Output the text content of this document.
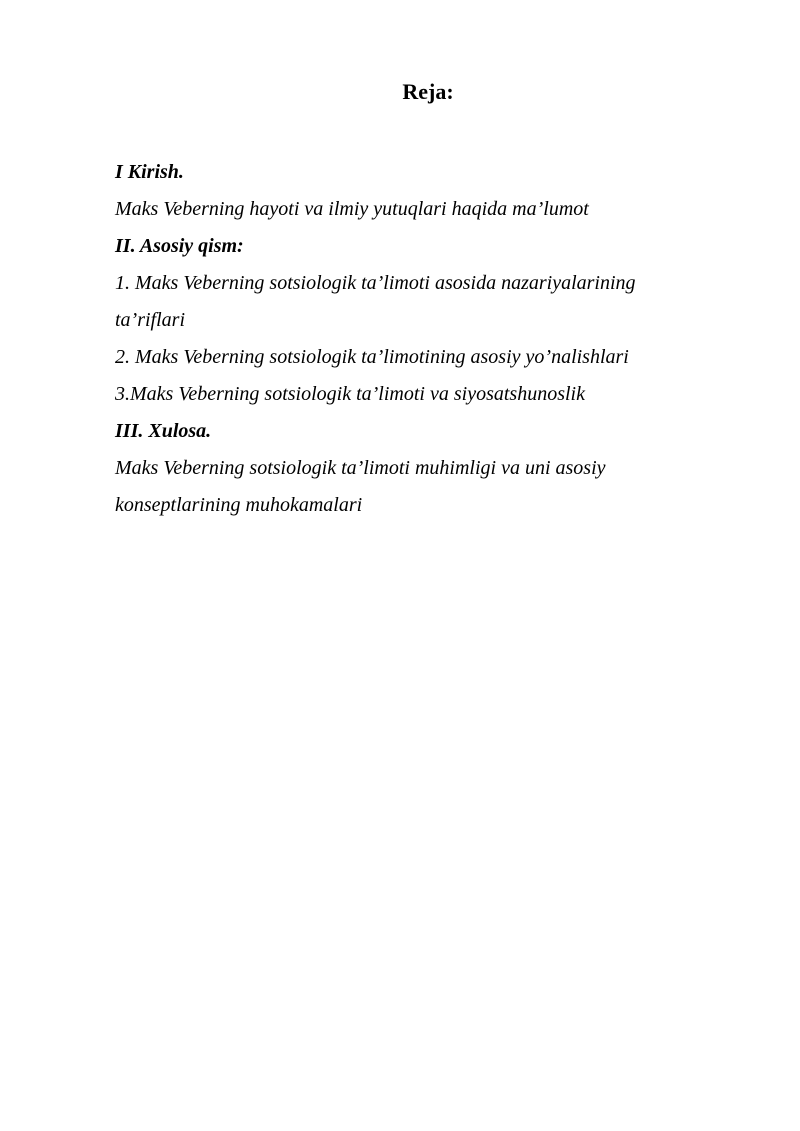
Reja:
I Kirish.
Maks Veberning hayoti va ilmiy yutuqlari haqida ma’lumot
II. Asosiy qism:
1. Maks Veberning sotsiologik ta’limoti asosida nazariyalarining
ta’riflari
2. Maks Veberning sotsiologik ta’limotining asosiy yo’nalishlari
3.Maks Veberning sotsiologik ta’limoti va siyosatshunoslik
III. Xulosa.
Maks Veberning sotsiologik ta’limoti muhimligi va uni asosiy
konseptlarining muhokamalari
